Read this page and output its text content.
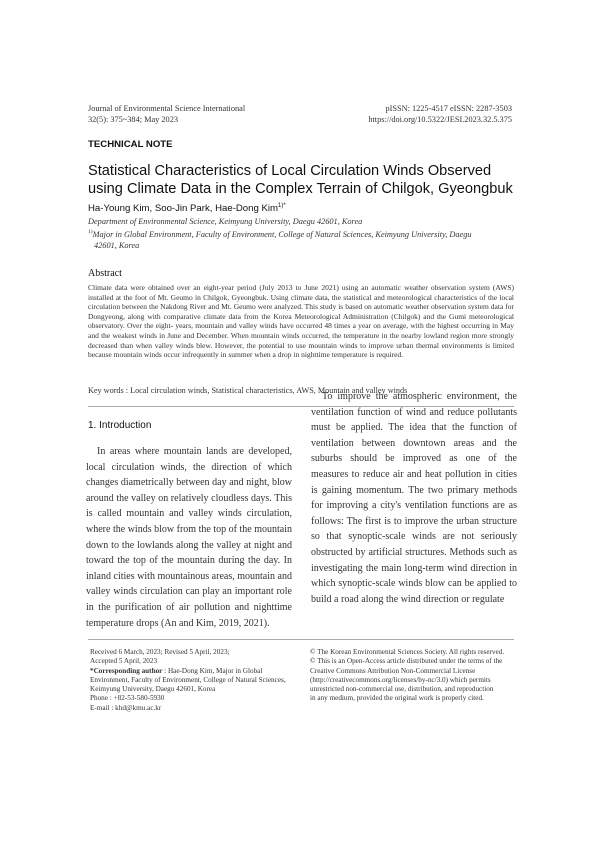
Journal of Environmental Science International
32(5): 375~384; May 2023
pISSN: 1225-4517 eISSN: 2287-3503
https://doi.org/10.5322/JESI.2023.32.5.375
TECHNICAL NOTE
Statistical Characteristics of Local Circulation Winds Observed using Climate Data in the Complex Terrain of Chilgok, Gyeongbuk
Ha-Young Kim, Soo-Jin Park, Hae-Dong Kim$^{1)*}$
Department of Environmental Science, Keimyung University, Daegu 42601, Korea
$^{1)}$Major in Global Environment, Faculty of Environment, College of Natural Sciences, Keimyung University, Daegu
42601, Korea
Abstract
Climate data were obtained over an eight-year period (July 2013 to June 2021) using an automatic weather observation system (AWS) installed at the foot of Mt. Geumo in Chilgok, Gyeongbuk. Using climate data, the statistical and meteorological characteristics of the local circulation between the Nakdong River and Mt. Geumo were analyzed. This study is based on automatic weather observation system data for Dongyeong, along with comparative climate data from the Korea Meteorological Administration (Chilgok) and the Gumi meteorological observatory. Over the eight- years, mountain and valley winds have occurred 48 times a year on average, with the highest occurring in May and the weakest winds in June and December. When mountain winds occurred, the temperature in the nearby lowland region more strongly decreased than when valley winds blew. However, the potential to use mountain winds to improve urban thermal environments is limited because mountain winds occur infrequently in summer when a drop in nighttime temperature is required.
Key words : Local circulation winds, Statistical characteristics, AWS, Mountain and valley winds
1. Introduction

In areas where mountain lands are developed, local circulation winds, the direction of which changes diametrically between day and night, blow around the valley on relatively cloudless days. This is called mountain and valley winds circulation, where the winds blow from the top of the mountain down to the lowlands along the valley at night and toward the top of the mountain during the day. In inland cities with mountainous areas, mountain and valley winds circulation can play an important role in the purification of air pollution and nighttime temperature drops (An and Kim, 2019, 2021).

To improve the atmospheric environment, the ventilation function of wind and reduce pollutants must be applied. The idea that the function of ventilation between downtown areas and the suburbs should be improved as one of the measures to reduce air and heat pollution in cities is gaining momentum. The two primary methods for improving a city's ventilation functions are as follows: The first is to improve the urban structure so that synoptic-scale winds are not seriously obstructed by artificial structures. Methods such as investigating the main long-term wind direction in which synoptic-scale winds blow can be applied to build a road along the wind direction or regulate

Received 6 March, 2023; Revised 5 April, 2023;
Accepted 5 April, 2023
*Corresponding author : Hae-Dong Kim, Major in Global
Environment, Faculty of Environment, College of Natural Sciences,
Keimyung University, Daegu 42601, Korea
Phone : +82-53-580-5930
E-mail : khd@kmu.ac.kr
© The Korean Environmental Sciences Society. All rights reserved.
© This is an Open-Access article distributed under the terms of the
Creative Commons Attribution Non-Commercial License
(http://creativecommons.org/licenses/by-nc/3.0) which permits
unrestricted non-commercial use, distribution, and reproduction
in any medium, provided the original work is properly cited.
